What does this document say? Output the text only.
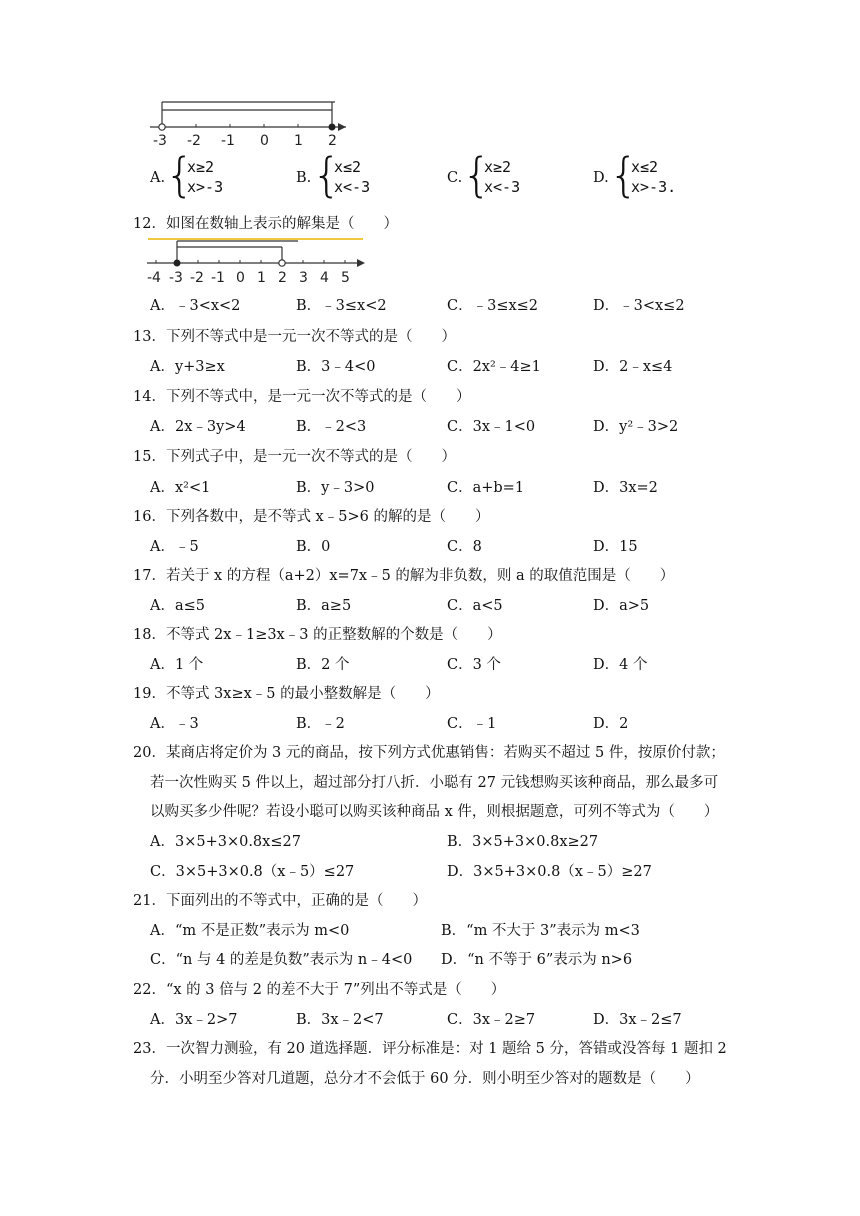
-3 -2 -1 0 1 2
A. {
x≥2
x>-3	B. {
x≤2
x<-3	C. {
x≥2
x<-3	D. {
x≤2
x>-3.
12．如图在数轴上表示的解集是（　　）
-4 -3 -2 -1 0 1 2 3 4 5
A．﹣3<x<2	B．﹣3≤x<2	C．﹣3≤x≤2	D．﹣3<x≤2
13．下列不等式中是一元一次不等式的是（　　）
A．y+3≥x	B．3﹣4<0	C．2x²﹣4≥1	D．2﹣x≤4
14．下列不等式中，是一元一次不等式的是（　　）
A．2x﹣3y>4	B．﹣2<3	C．3x﹣1<0	D．y²﹣3>2
15．下列式子中，是一元一次不等式的是（　　）
A．x²<1	B．y﹣3>0	C．a+b=1	D．3x=2
16．下列各数中，是不等式 x﹣5>6 的解的是（　　）
A．﹣5	B．0	C．8	D．15
17．若关于 x 的方程（a+2）x=7x﹣5 的解为非负数，则 a 的取值范围是（　　）
A．a≤5	B．a≥5	C．a<5	D．a>5
18．不等式 2x﹣1≥3x﹣3 的正整数解的个数是（　　）
A．1 个	B．2 个	C．3 个	D．4 个
19．不等式 3x≥x﹣5 的最小整数解是（　　）
A．﹣3	B．﹣2	C．﹣1	D．2
20．某商店将定价为 3 元的商品，按下列方式优惠销售：若购买不超过 5 件，按原价付款；
若一次性购买 5 件以上，超过部分打八折．小聪有 27 元钱想购买该种商品，那么最多可
以购买多少件呢？若设小聪可以购买该种商品 x 件，则根据题意，可列不等式为（　　）
A．3×5+3×0.8x≤27	B．3×5+3×0.8x≥27
C．3×5+3×0.8（x﹣5）≤27	D．3×5+3×0.8（x﹣5）≥27
21．下面列出的不等式中，正确的是（　　）
A．“m 不是正数”表示为 m<0	B．“m 不大于 3”表示为 m<3
C．“n 与 4 的差是负数”表示为 n﹣4<0 D．“n 不等于 6”表示为 n>6
22．“x 的 3 倍与 2 的差不大于 7”列出不等式是（　　）
A．3x﹣2>7	B．3x﹣2<7	C．3x﹣2≥7	D．3x﹣2≤7
23．一次智力测验，有 20 道选择题．评分标准是：对 1 题给 5 分，答错或没答每 1 题扣 2
分．小明至少答对几道题，总分才不会低于 60 分．则小明至少答对的题数是（　　）
